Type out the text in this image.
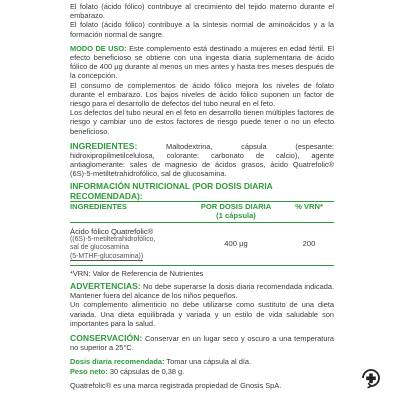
El folato (ácido fólico) contribuye al crecimiento del tejido materno durante el embarazo.

El folato (ácido fólico) contribuye a la síntesis normal de aminoácidos y a la formación normal de sangre.

MODO DE USO: Este complemento está destinado a mujeres en edad fértil. El efecto beneficioso se obtiene con una ingesta diaria suplementaria de ácido fólico de 400 µg durante al menos un mes antes y hasta tres meses después de la concepción.

El consumo de complementos de ácido fólico mejora los niveles de folato durante el embarazo. Los bajos niveles de ácido fólico suponen un factor de riesgo para el desarrollo de defectos del tubo neural en el feto.

Los defectos del tubo neural en el feto en desarrollo tienen múltiples factores de riesgo y cambiar uno de estos factores de riesgo puede tener o no un efecto beneficioso.

INGREDIENTES: Maltodextrina, cápsula (espesante: hidroxipropilmetilcelulosa, colorante: carbonato de calcio), agente antiaglomerante: sales de magnesio de ácidos grasos, ácido Quatrefolic® (6S)-5-metiltetrahidrofólico, sal de glucosamina.

INFORMACIÓN NUTRICIONAL (POR DOSIS DIARIA RECOMENDADA):
INGREDIENTES	POR DOSIS DIARIA
(1 cápsula)
% VRN*
Ácido fólico Quatrefolic®
((6S)-5-metiltetrahidrofólico,
sal de glucosamina
(5-MTHF-glucosamina))
400 µg	200

*VRN: Valor de Referencia de Nutrientes

ADVERTENCIAS: No debe superarse la dosis diaria recomendada indicada. Mantener fuera del alcance de los niños pequeños.

Un complemento alimenticio no debe utilizarse como sustituto de una dieta variada. Una dieta equilibrada y variada y un estilo de vida saludable son importantes para la salud.

CONSERVACIÓN: Conservar en un lugar seco y oscuro a una temperatura no superior a 25°C.

Dosis diaria recomendada: Tomar una cápsula al día.

Peso neto: 30 cápsulas de 0,38 g.

Quatrefolic® es una marca registrada propiedad de Gnosis SpA.
